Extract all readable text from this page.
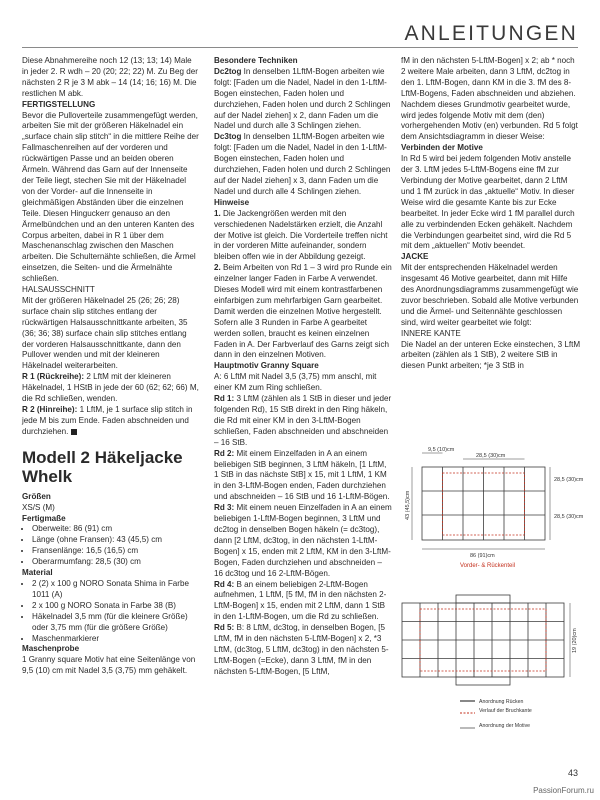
ANLEITUNGEN

Diese Abnahmereihe noch 12 (13; 13; 14) Male in jeder 2. R wdh – 20 (20; 22; 22) M. Zu Beg der nächsten 2 R je 3 M abk – 14 (14; 16; 16) M. Die restlichen M abk.

FERTIGSTELLUNG

Bevor die Pulloverteile zusammengefügt werden, arbeiten Sie mit der größeren Häkelnadel ein „surface chain slip stitch“ in die mittlere Reihe der Fallmaschenreihen auf der vorderen und rückwärtigen Passe und an beiden oberen Ärmeln. Während das Garn auf der Innenseite der Teile liegt, stechen Sie mit der Häkelnadel von der Vorder- auf die Innenseite in gleichmäßigen Abständen über die einzelnen Teile. Diesen Hinguckerr genauso an den Ärmelbündchen und an den unteren Kanten des Corpus arbeiten, dabei in R 1 über dem Maschenanschlag zwischen den Maschen arbeiten. Die Schulternähte schließen, die Ärmel einsetzen, die Seiten- und die Ärmelnähte schließen.

HALSAUSSCHNITT

Mit der größeren Häkelnadel 25 (26; 26; 28) surface chain slip stitches entlang der rückwärtigen Halsausschnittkante arbeiten, 35 (36; 36; 38) surface chain slip stitches entlang der vorderen Halsausschnittkante, dann den Pullover wenden und mit der kleineren Häkelnadel weiterarbeiten.

R 1 (Rückreihe): 2 LftM mit der kleineren Häkelnadel, 1 HStB in jede der 60 (62; 62; 66) M, die Rd schließen, wenden.

R 2 (Hinreihe): 1 LftM, je 1 surface slip stitch in jede M bis zum Ende. Faden abschneiden und durchziehen.

Modell 2 Häkeljacke Whelk

Größen

XS/S (M)

Fertigmaße

• Oberweite: 86 (91) cm
• Länge (ohne Fransen): 43 (45,5) cm
• Fransenlänge: 16,5 (16,5) cm
• Oberarmumfang: 28,5 (30) cm

Material

• 2 (2) x 100 g NORO Sonata Shima in Farbe 1011 (A)
• 2 x 100 g NORO Sonata in Farbe 38 (B)
• Häkelnadel 3,5 mm (für die kleinere Größe) oder 3,75 mm (für die größere Größe)
• Maschenmarkierer

Maschenprobe

1 Granny square Motiv hat eine Seitenlänge von 9,5 (10) cm mit Nadel 3,5 (3,75) mm gehäkelt.

Besondere Techniken

Dc2tog In denselben 1LftM-Bogen arbeiten wie folgt: [Faden um die Nadel, Nadel in den 1-LftM-Bogen einstechen, Faden holen und durchziehen, Faden holen und durch 2 Schlingen auf der Nadel ziehen] x 2, dann Faden um die Nadel und durch alle 3 Schlingen ziehen.

Dc3tog In denselben 1LftM-Bogen arbeiten wie folgt: [Faden um die Nadel, Nadel in den 1-LftM-Bogen einstechen, Faden holen und durchziehen, Faden holen und durch 2 Schlingen auf der Nadel ziehen] x 3, dann Faden um die Nadel und durch alle 4 Schlingen ziehen.

Hinweise

1. Die Jackengrößen werden mit den verschiedenen Nadelstärken erzielt, die Anzahl der Motive ist gleich. Die Vorderteile treffen nicht in der vorderen Mitte aufeinander, sondern bleiben offen wie in der Abbildung gezeigt.

2. Beim Arbeiten von Rd 1 – 3 wird pro Runde ein einzelner langer Faden in Farbe A verwendet. Dieses Modell wird mit einem kontrastfarbenen einfarbigen zum mehrfarbigen Garn gearbeitet. Damit werden die einzelnen Motive hergestellt. Sofern alle 3 Runden in Farbe A gearbeitet werden sollen, braucht es keinen einzelnen Faden in A. Der Farbverlauf des Garns zeigt sich dann in den einzelnen Motiven.

Hauptmotiv Granny Square

A: 6 LftM mit Nadel 3,5 (3,75) mm anschl, mit einer KM zum Ring schließen.

Rd 1: 3 LftM (zählen als 1 StB in dieser und jeder folgenden Rd), 15 StB direkt in den Ring häkeln, die Rd mit einer KM in den 3-LftM-Bogen schließen, Faden abschneiden und abschneiden – 16 StB.

Rd 2: Mit einem Einzelfaden in A an einem beliebigen StB beginnen, 3 LftM häkeln, [1 LftM, 1 StB in das nächste StB] x 15, mit 1 LftM, 1 KM in den 3-LftM-Bogen enden, Faden durchziehen und abschneiden – 16 StB und 16 1-LftM-Bögen.

Rd 3: Mit einem neuen Einzelfaden in A an einem beliebigen 1-LftM-Bogen beginnen, 3 LftM und dc2tog in denselben Bogen häkeln (= dc3tog), dann [2 LftM, dc3tog, in den nächsten 1-LftM-Bogen] x 15, enden mit 2 LftM, KM in den 3-LftM-Bogen, Faden durchziehen und abschneiden – 16 dc3tog und 16 2-LftM-Bögen.

Rd 4: B an einem beliebigen 2-LftM-Bogen aufnehmen, 1 LftM, [5 fM, fM in den nächsten 2-LftM-Bogen] x 15, enden mit 2 LftM, dann 1 StB in den 1-LftM-Bogen, um die Rd zu schließen.

Rd 5: B: 8 LftM, dc3tog, in denselben Bogen, [5 LftM, fM in den nächsten 5-LftM-Bogen] x 2, *3 LftM, (dc3tog, 5 LftM, dc3tog) in den nächsten 5-LftM-Bogen (=Ecke), dann 3 LftM, fM in den nächsten 5-LftM-Bogen, [5 LftM,

fM in den nächsten 5-LftM-Bogen] x 2; ab * noch 2 weitere Male arbeiten, dann 3 LftM, dc2tog in den 1. LftM-Bogen, dann KM in die 3. fM des 8-LftM-Bogens, Faden abschneiden und abziehen. Nachdem dieses Grundmotiv gearbeitet wurde, wird jedes folgende Motiv mit dem (den) vorhergehenden Motiv (en) verbunden. Rd 5 folgt dem Ansichtsdiagramm in dieser Weise:

Verbinden der Motive

In Rd 5 wird bei jedem folgenden Motiv anstelle der 3. LftM jedes 5-LftM-Bogens eine fM zur Verbindung der Motive gearbeitet, dann 2 LftM und 1 fM zurück in das „aktuelle“ Motiv. In dieser Weise wird die gesamte Kante bis zur Ecke bearbeitet. In jeder Ecke wird 1 fM parallel durch alle zu verbindenden Ecken gehäkelt. Nachdem die Verbindungen gearbeitet sind, wird die Rd 5 mit dem „aktuellen“ Motiv beendet.

JACKE

Mit der entsprechenden Häkelnadel werden insgesamt 46 Motive gearbeitet, dann mit Hilfe des Anordnungsdiagramms zusammengefügt wie zuvor beschrieben. Sobald alle Motive verbunden und die Ärmel- und Seitennähte geschlossen sind, wird weiter gearbeitet wie folgt:

INNERE KANTE

Die Nadel an der unteren Ecke einstechen, 3 LftM arbeiten (zählen als 1 StB), 2 weitere StB in diesen Punkt arbeiten; *je 3 StB in

9,5 (10)cm
28,5 (30)cm
28,5 (30)cm
28,5 (30)cm
43 (45,5)cm
86 (91)cm
Vorder- & Rückenteil
19 (20)cm
Anordnung Rücken
Verlauf der Bruchkante
Anordnung der Motive
43
PassionForum.ru
